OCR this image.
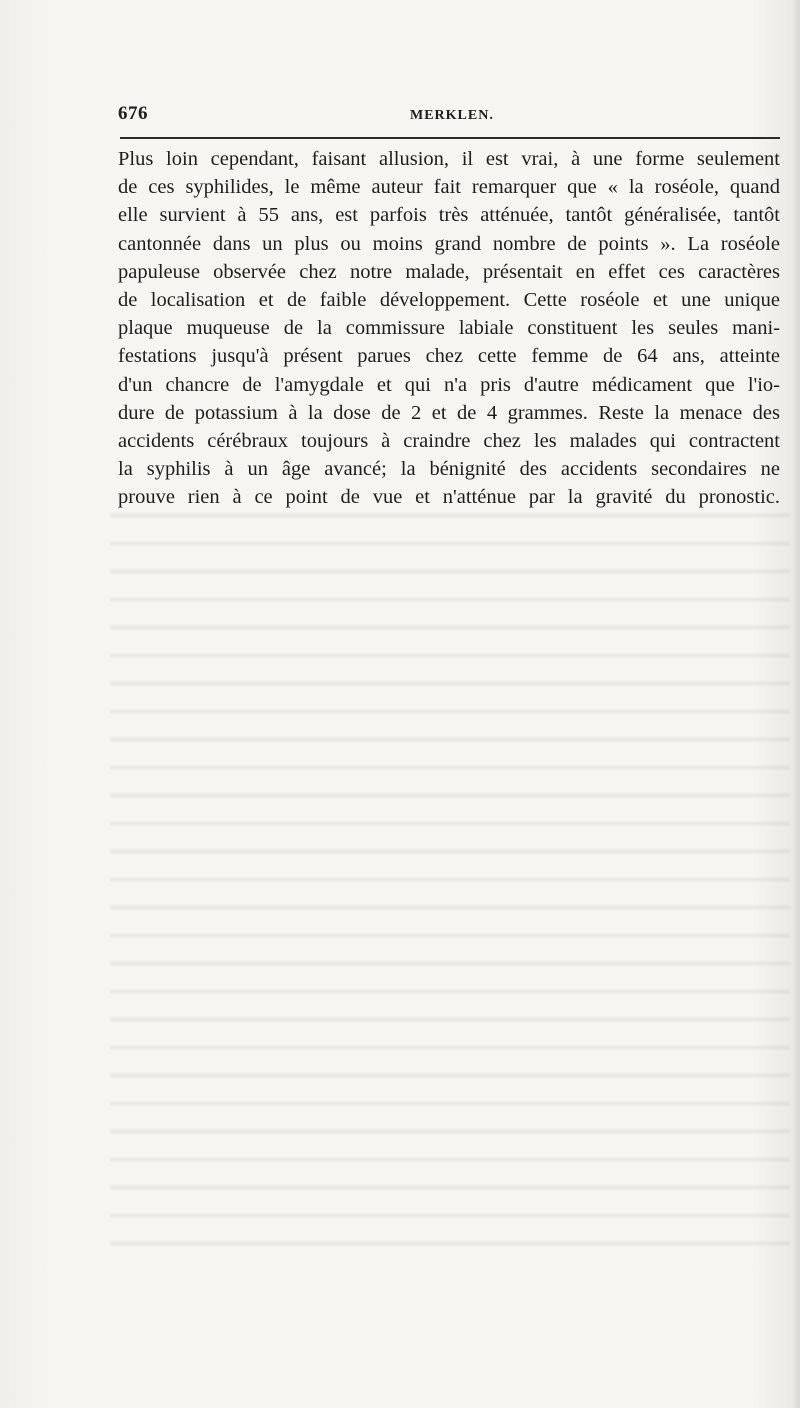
676	MERKLEN.
Plus loin cependant, faisant allusion, il est vrai, à une forme seulement
de ces syphilides, le même auteur fait remarquer que « la roséole, quand
elle survient à 55 ans, est parfois très atténuée, tantôt généralisée, tantôt
cantonnée dans un plus ou moins grand nombre de points ». La roséole
papuleuse observée chez notre malade, présentait en effet ces caractères
de localisation et de faible développement. Cette roséole et une unique
plaque muqueuse de la commissure labiale constituent les seules mani-
festations jusqu'à présent parues chez cette femme de 64 ans, atteinte
d'un chancre de l'amygdale et qui n'a pris d'autre médicament que l'io-
dure de potassium à la dose de 2 et de 4 grammes. Reste la menace des
accidents cérébraux toujours à craindre chez les malades qui contractent
la syphilis à un âge avancé; la bénignité des accidents secondaires ne
prouve rien à ce point de vue et n'atténue par la gravité du pronostic.
